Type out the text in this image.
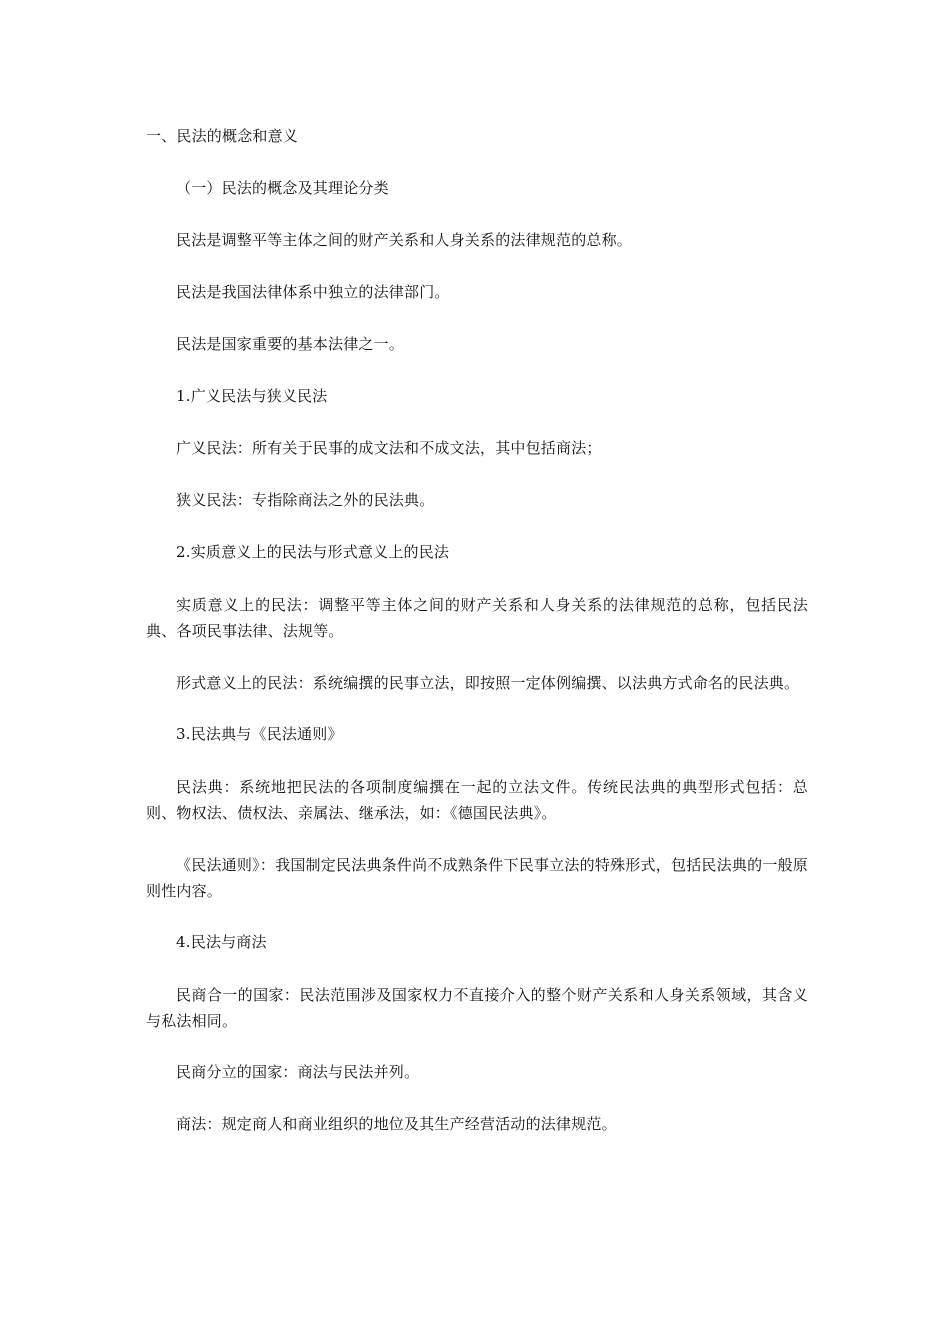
一、民法的概念和意义
（一）民法的概念及其理论分类
民法是调整平等主体之间的财产关系和人身关系的法律规范的总称。
民法是我国法律体系中独立的法律部门。
民法是国家重要的基本法律之一。
1.广义民法与狭义民法
广义民法：所有关于民事的成文法和不成文法，其中包括商法；
狭义民法：专指除商法之外的民法典。
2.实质意义上的民法与形式意义上的民法
实质意义上的民法：调整平等主体之间的财产关系和人身关系的法律规范的总称，包括民法典、各项民事法律、法规等。
形式意义上的民法：系统编撰的民事立法，即按照一定体例编撰、以法典方式命名的民法典。
3.民法典与《民法通则》
民法典：系统地把民法的各项制度编撰在一起的立法文件。传统民法典的典型形式包括：总则、物权法、债权法、亲属法、继承法，如：《德国民法典》。
《民法通则》：我国制定民法典条件尚不成熟条件下民事立法的特殊形式，包括民法典的一般原则性内容。
4.民法与商法
民商合一的国家：民法范围涉及国家权力不直接介入的整个财产关系和人身关系领域，其含义与私法相同。
民商分立的国家：商法与民法并列。
商法：规定商人和商业组织的地位及其生产经营活动的法律规范。
